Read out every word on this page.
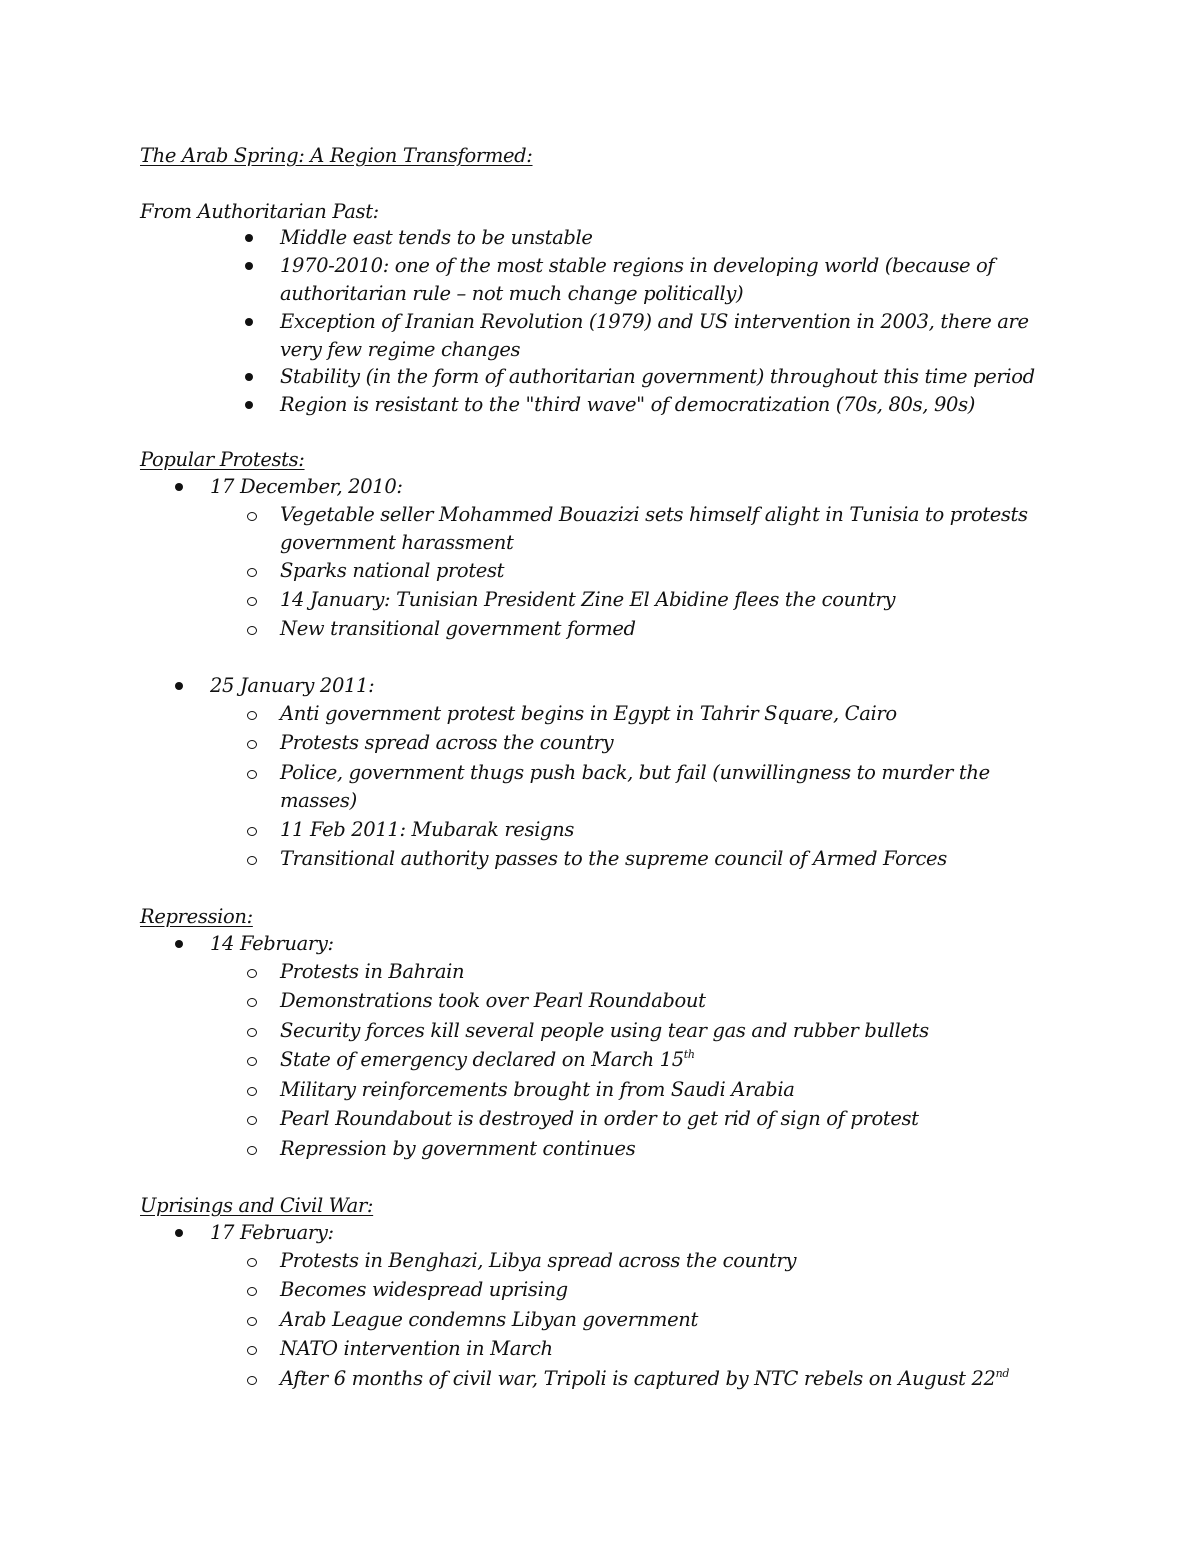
The Arab Spring: A Region Transformed:
From Authoritarian Past:
Middle east tends to be unstable
1970-2010: one of the most stable regions in developing world (because of
authoritarian rule – not much change politically)
Exception of Iranian Revolution (1979) and US intervention in 2003, there are
very few regime changes
Stability (in the form of authoritarian government) throughout this time period
Region is resistant to the "third wave" of democratization (70s, 80s, 90s)
Popular Protests:
17 December, 2010:
Vegetable seller Mohammed Bouazizi sets himself alight in Tunisia to protests
government harassment
Sparks national protest
14 January: Tunisian President Zine El Abidine flees the country
New transitional government formed
25 January 2011:
Anti government protest begins in Egypt in Tahrir Square, Cairo
Protests spread across the country
Police, government thugs push back, but fail (unwillingness to murder the
masses)
11 Feb 2011: Mubarak resigns
Transitional authority passes to the supreme council of Armed Forces
Repression:
14 February:
Protests in Bahrain
Demonstrations took over Pearl Roundabout
Security forces kill several people using tear gas and rubber bullets
State of emergency declared on March 15th
Military reinforcements brought in from Saudi Arabia
Pearl Roundabout is destroyed in order to get rid of sign of protest
Repression by government continues
Uprisings and Civil War:
17 February:
Protests in Benghazi, Libya spread across the country
Becomes widespread uprising
Arab League condemns Libyan government
NATO intervention in March
After 6 months of civil war, Tripoli is captured by NTC rebels on August 22nd
